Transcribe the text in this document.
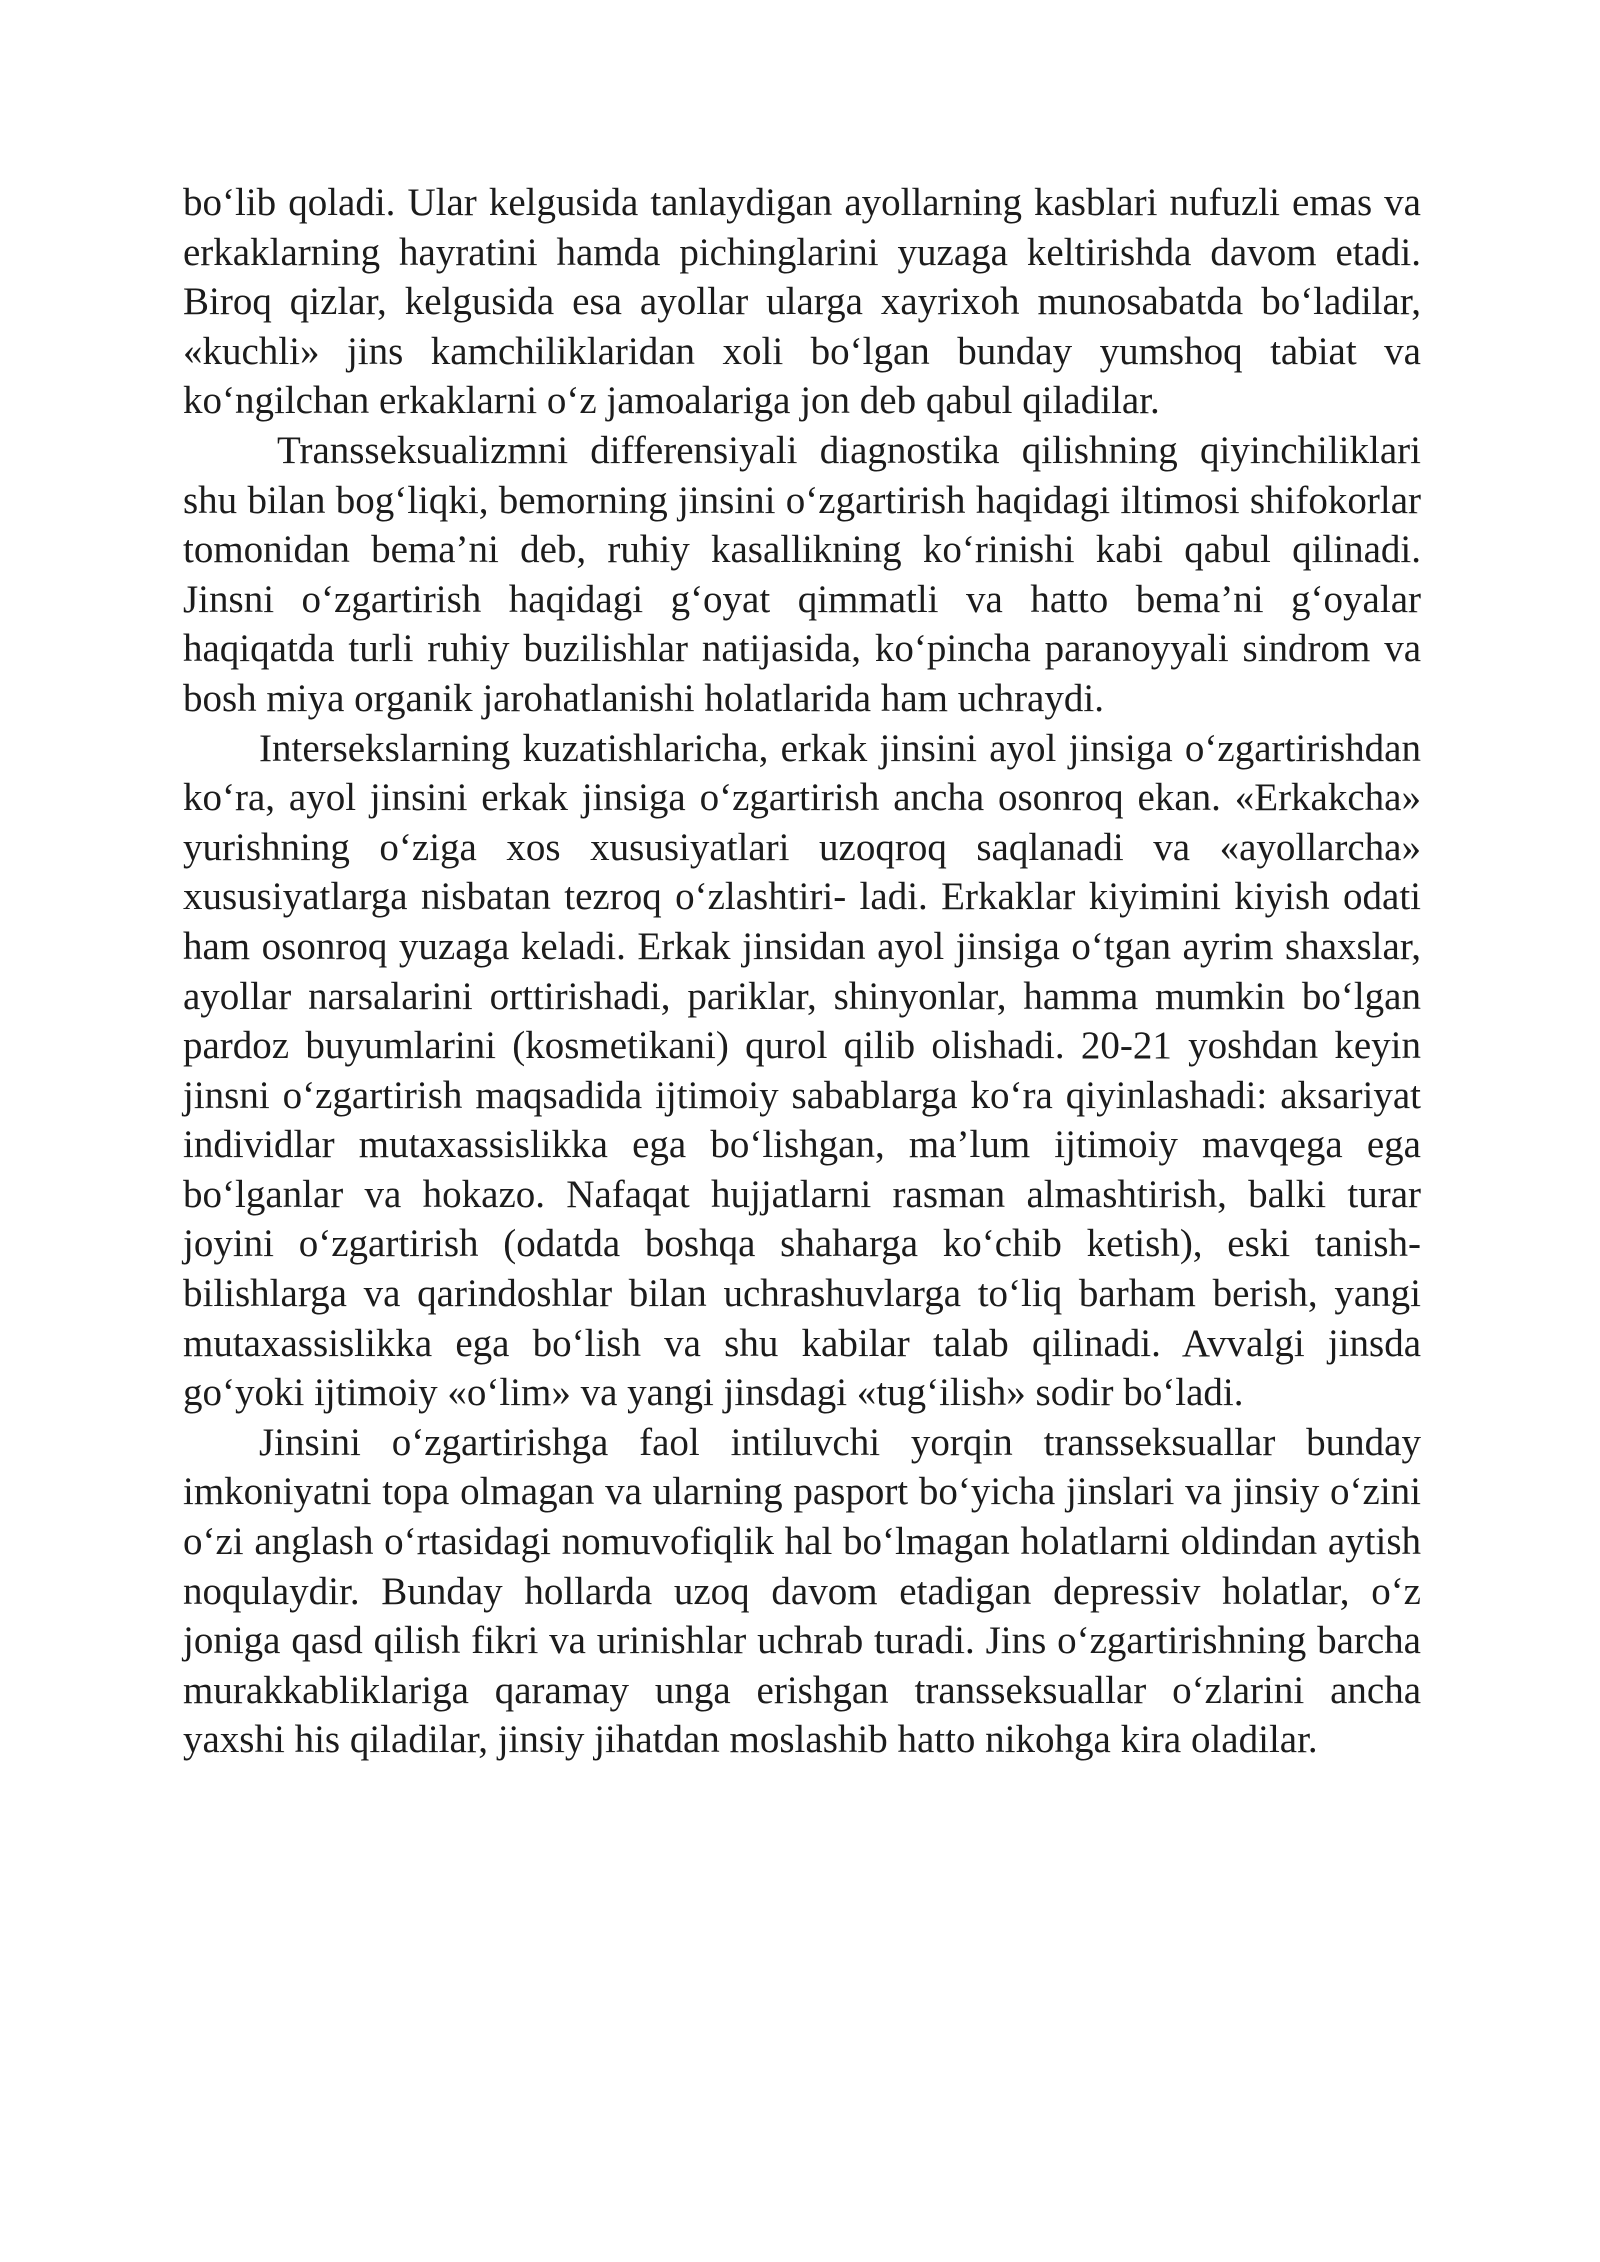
bo‘lib qoladi. Ular kelgusida tanlaydigan ayollarning kasblari nufuzli emas va erkaklarning hayratini hamda pichinglarini yuzaga keltirishda davom etadi. Biroq qizlar, kelgusida esa ayollar ularga xayrixoh munosabatda bo‘ladilar, «kuchli» jins kamchiliklaridan xoli bo‘lgan bunday yumshoq tabiat va ko‘ngilchan erkaklarni o‘z jamoalariga jon deb qabul qiladilar.

Transseksualizmni differensiyali diagnostika qilishning qiyinchiliklari shu bilan bog‘liqki, bemorning jinsini o‘zgartirish haqidagi iltimosi shifokorlar tomonidan bema’ni deb, ruhiy kasallikning ko‘rinishi kabi qabul qilinadi. Jinsni o‘zgartirish haqidagi g‘oyat qimmatli va hatto bema’ni g‘oyalar haqiqatda turli ruhiy buzilishlar natijasida, ko‘pincha paranoyyali sindrom va bosh miya organik jarohatlanishi holatlarida ham uchraydi.

Intersekslarning kuzatishlaricha, erkak jinsini ayol jinsiga o‘zgartirishdan ko‘ra, ayol jinsini erkak jinsiga o‘zgartirish ancha osonroq ekan. «Erkakcha» yurishning o‘ziga xos xususiyatlari uzoqroq saqlanadi va «ayollarcha» xususiyatlarga nisbatan tezroq o‘zlashtiri- ladi. Erkaklar kiyimini kiyish odati ham osonroq yuzaga keladi. Erkak jinsidan ayol jinsiga o‘tgan ayrim shaxslar, ayollar narsalarini orttirishadi, pariklar, shinyonlar, hamma mumkin bo‘lgan pardoz buyumlarini (kosmetikani) qurol qilib olishadi. 20-21 yoshdan keyin jinsni o‘zgartirish maqsadida ijtimoiy sabablarga ko‘ra qiyinlashadi: aksariyat individlar mutaxassislikka ega bo‘lishgan, ma’lum ijtimoiy mavqega ega bo‘lganlar va hokazo. Nafaqat hujjatlarni rasman almashtirish, balki turar joyini o‘zgartirish (odatda boshqa shaharga ko‘chib ketish), eski tanish-bilishlarga va qarindoshlar bilan uchrashuvlarga to‘liq barham berish, yangi mutaxassislikka ega bo‘lish va shu kabilar talab qilinadi. Avvalgi jinsda go‘yoki ijtimoiy «o‘lim» va yangi jinsdagi «tug‘ilish» sodir bo‘ladi.

Jinsini o‘zgartirishga faol intiluvchi yorqin transseksuallar bunday imkoniyatni topa olmagan va ularning pasport bo‘yicha jinslari va jinsiy o‘zini o‘zi anglash o‘rtasidagi nomuvofiqlik hal bo‘lmagan holatlarni oldindan aytish noqulaydir. Bunday hollarda uzoq davom etadigan depressiv holatlar, o‘z joniga qasd qilish fikri va urinishlar uchrab turadi. Jins o‘zgartirishning barcha murakkabliklariga qaramay unga erishgan transseksuallar o‘zlarini ancha yaxshi his qiladilar, jinsiy jihatdan moslashib hatto nikohga kira oladilar.
